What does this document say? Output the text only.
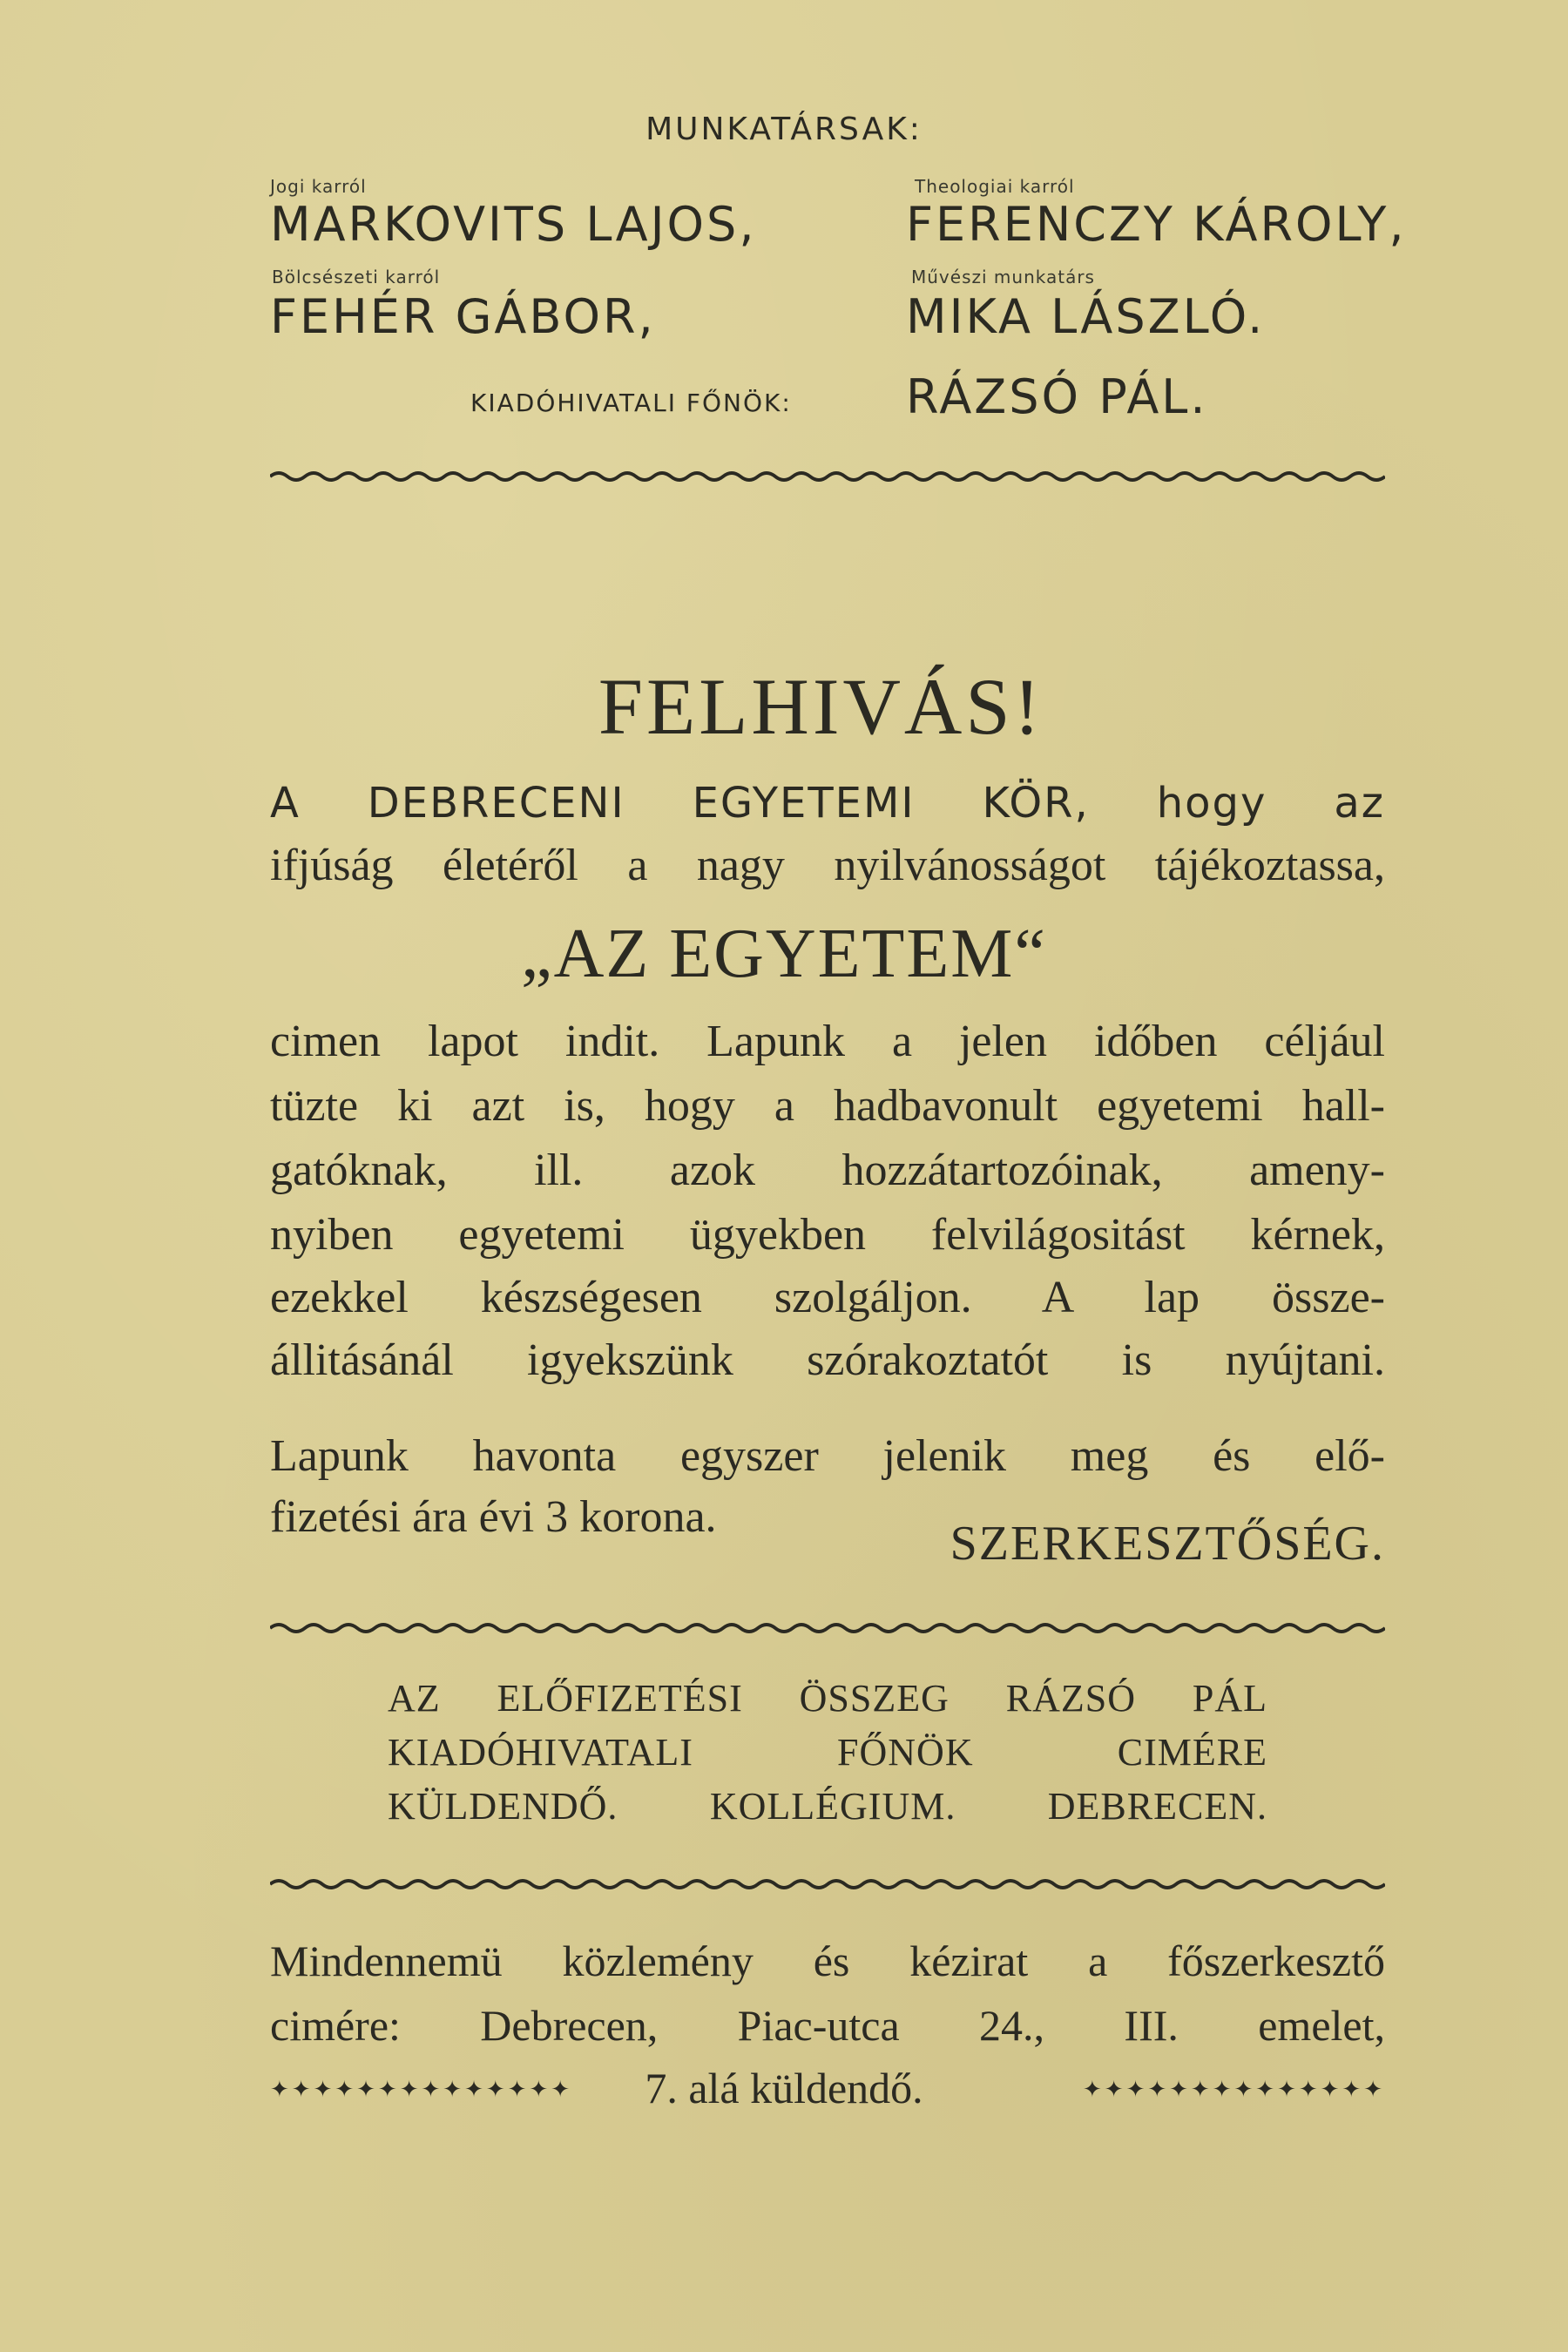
MUNKATÁRSAK:
Jogi karról
MARKOVITS LAJOS,
Theologiai karról
FERENCZY KÁROLY,
Bölcsészeti karról
FEHÉR GÁBOR,
Művészi munkatárs
MIKA LÁSZLÓ.
KIADÓHIVATALI FŐNÖK: RÁZSÓ PÁL.
FELHIVÁS!
A DEBRECENI EGYETEMI KÖR, hogy az
ifjúság életéről a nagy nyilvánosságot tájékoztassa,
„AZ EGYETEM“
cimen lapot indit. Lapunk a jelen időben céljául
tüzte ki azt is, hogy a hadbavonult egyetemi hall-
gatóknak, ill. azok hozzátartozóinak, ameny-
nyiben egyetemi ügyekben felvilágositást kérnek,
ezekkel készségesen szolgáljon. A lap össze-
állitásánál igyekszünk szórakoztatót is nyújtani.
Lapunk havonta egyszer jelenik meg és elő-
fizetési ára évi 3 korona.	SZERKESZTŐSÉG.
AZ ELŐFIZETÉSI ÖSSZEG RÁZSÓ PÁL
KIADÓHIVATALI FŐNÖK CIMÉRE
KÜLDENDŐ. KOLLÉGIUM. DEBRECEN.
Mindennemü közlemény és kézirat a főszerkesztő
cimére: Debrecen, Piac-utca 24., III. emelet,
✦✦✦✦✦✦✦✦✦✦✦✦✦✦	7. alá küldendő.	✦✦✦✦✦✦✦✦✦✦✦✦✦✦
